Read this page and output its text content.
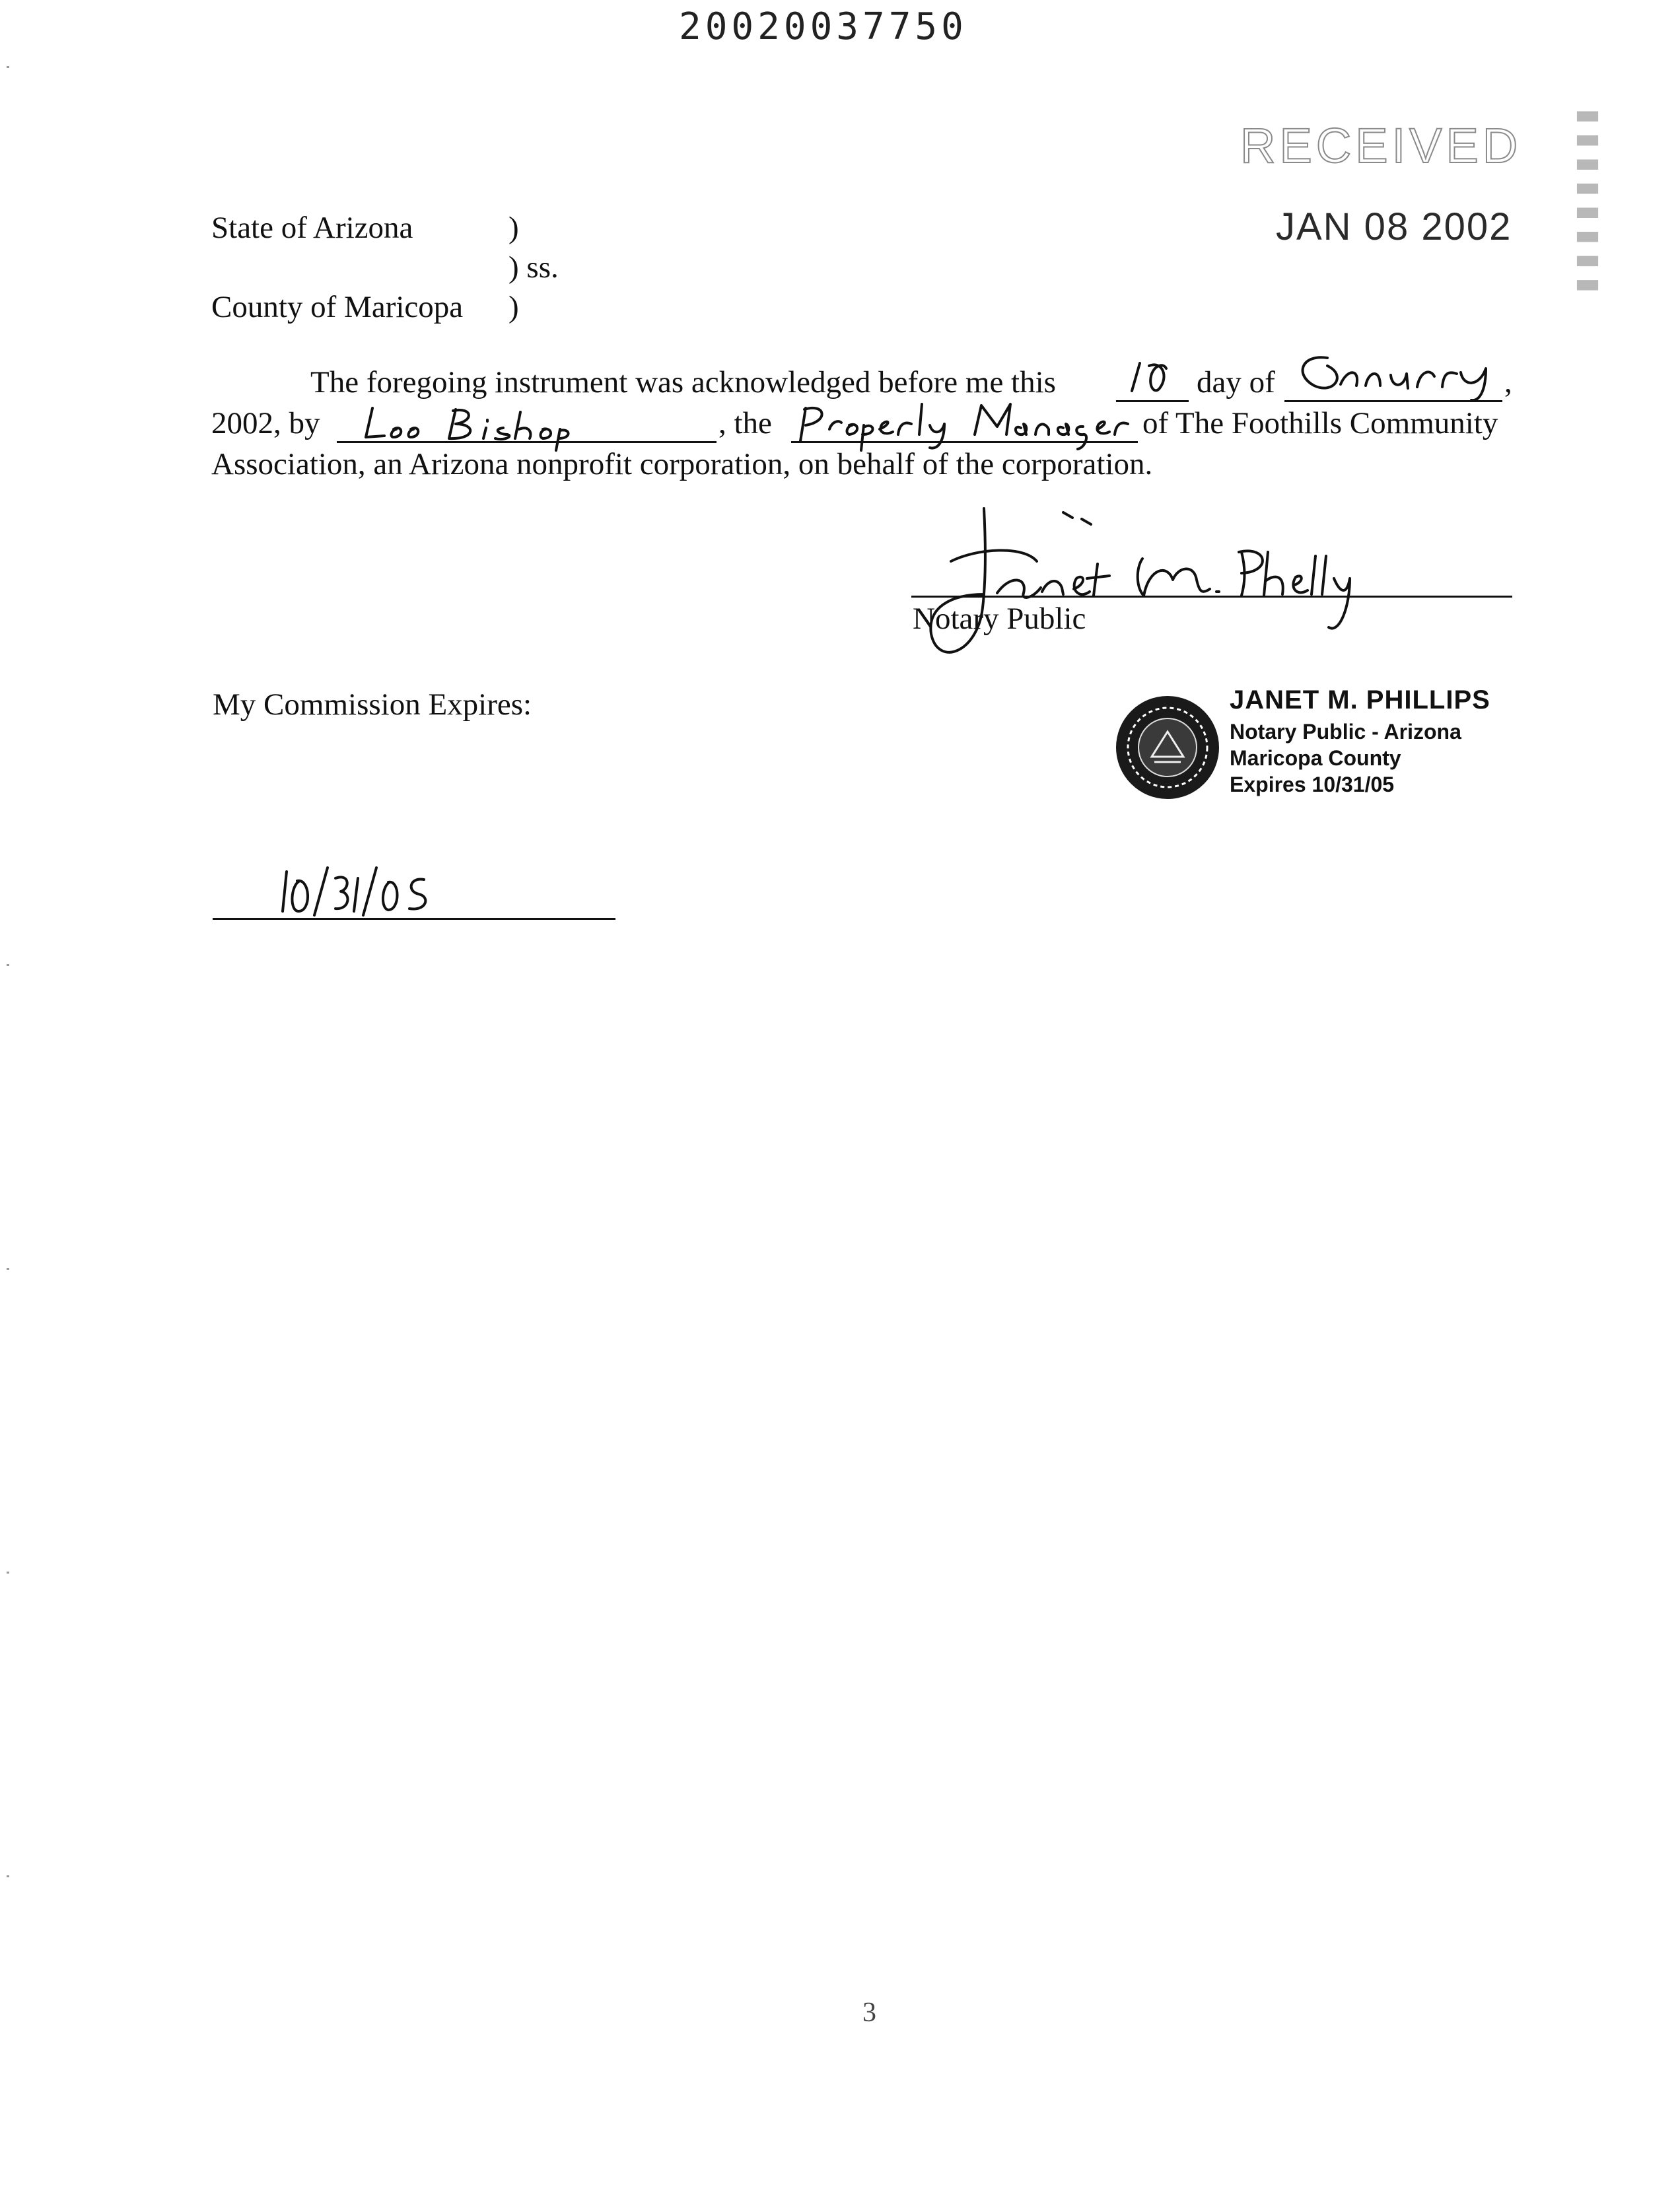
20020037750
RECEIVED
JAN 08 2002 ▮▮▮▮▮▮▮▮
State of Arizona	)
) ss.
County of Maricopa )
The foregoing instrument was acknowledged before me this	day of	,
2002, by	, the	of The Foothills Community
Association, an Arizona nonprofit corporation, on behalf of the corporation.
Notary Public
My Commission Expires:	JANET M. PHILLIPS
Notary Public - Arizona
Maricopa County
Expires 10/31/05
3
